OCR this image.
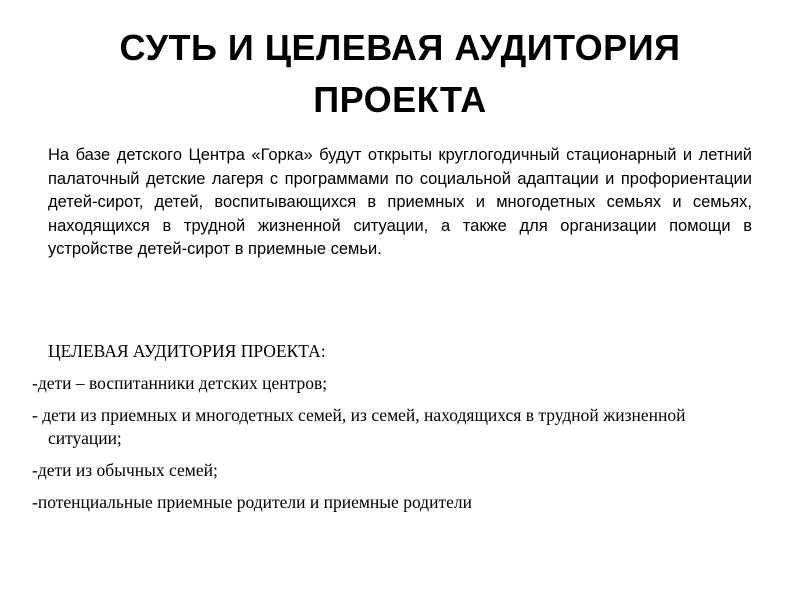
СУТЬ И ЦЕЛЕВАЯ АУДИТОРИЯ ПРОЕКТА

На базе детского Центра «Горка» будут открыты круглогодичный стационарный и летний палаточный детские лагеря с программами по социальной адаптации и профориентации детей-сирот, детей, воспитывающихся в приемных и многодетных семьях и семьях, находящихся в трудной жизненной ситуации, а также для организации помощи в устройстве детей-сирот в приемные семьи.

ЦЕЛЕВАЯ АУДИТОРИЯ ПРОЕКТА:

-дети – воспитанники детских центров;

- дети из приемных и многодетных семей, из семей, находящихся в трудной жизненной ситуации;

-дети из обычных семей;

-потенциальные приемные родители и приемные родители
